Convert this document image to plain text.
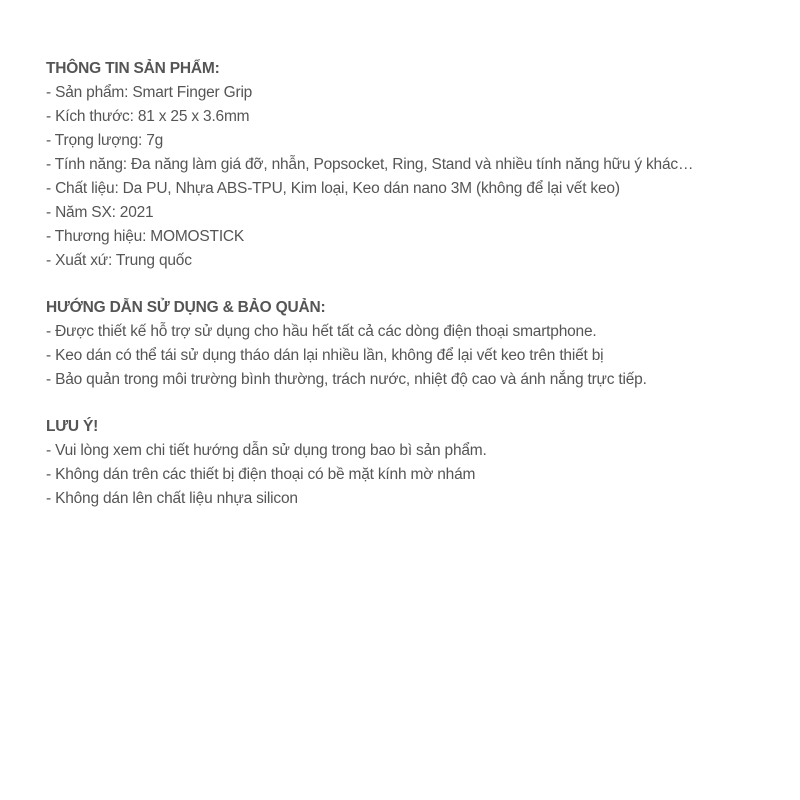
THÔNG TIN SẢN PHẨM:
- Sản phẩm: Smart Finger Grip
- Kích thước: 81 x 25 x 3.6mm
- Trọng lượng: 7g
- Tính năng: Đa năng làm giá đỡ, nhẫn, Popsocket, Ring, Stand và nhiều tính năng hữu ý khác…
- Chất liệu: Da PU, Nhựa ABS-TPU, Kim loại, Keo dán nano 3M (không để lại vết keo)
- Năm SX: 2021
- Thương hiệu: MOMOSTICK
- Xuất xứ: Trung quốc
HƯỚNG DẪN SỬ DỤNG & BẢO QUẢN:
- Được thiết kế hỗ trợ sử dụng cho hầu hết tất cả các dòng điện thoại smartphone.
- Keo dán có thể tái sử dụng tháo dán lại nhiều lần, không để lại vết keo trên thiết bị
- Bảo quản trong môi trường bình thường, trách nước, nhiệt độ cao và ánh nắng trực tiếp.
LƯU Ý!
- Vui lòng xem chi tiết hướng dẫn sử dụng trong bao bì sản phẩm.
- Không dán trên các thiết bị điện thoại có bề mặt kính mờ nhám
- Không dán lên chất liệu nhựa silicon
